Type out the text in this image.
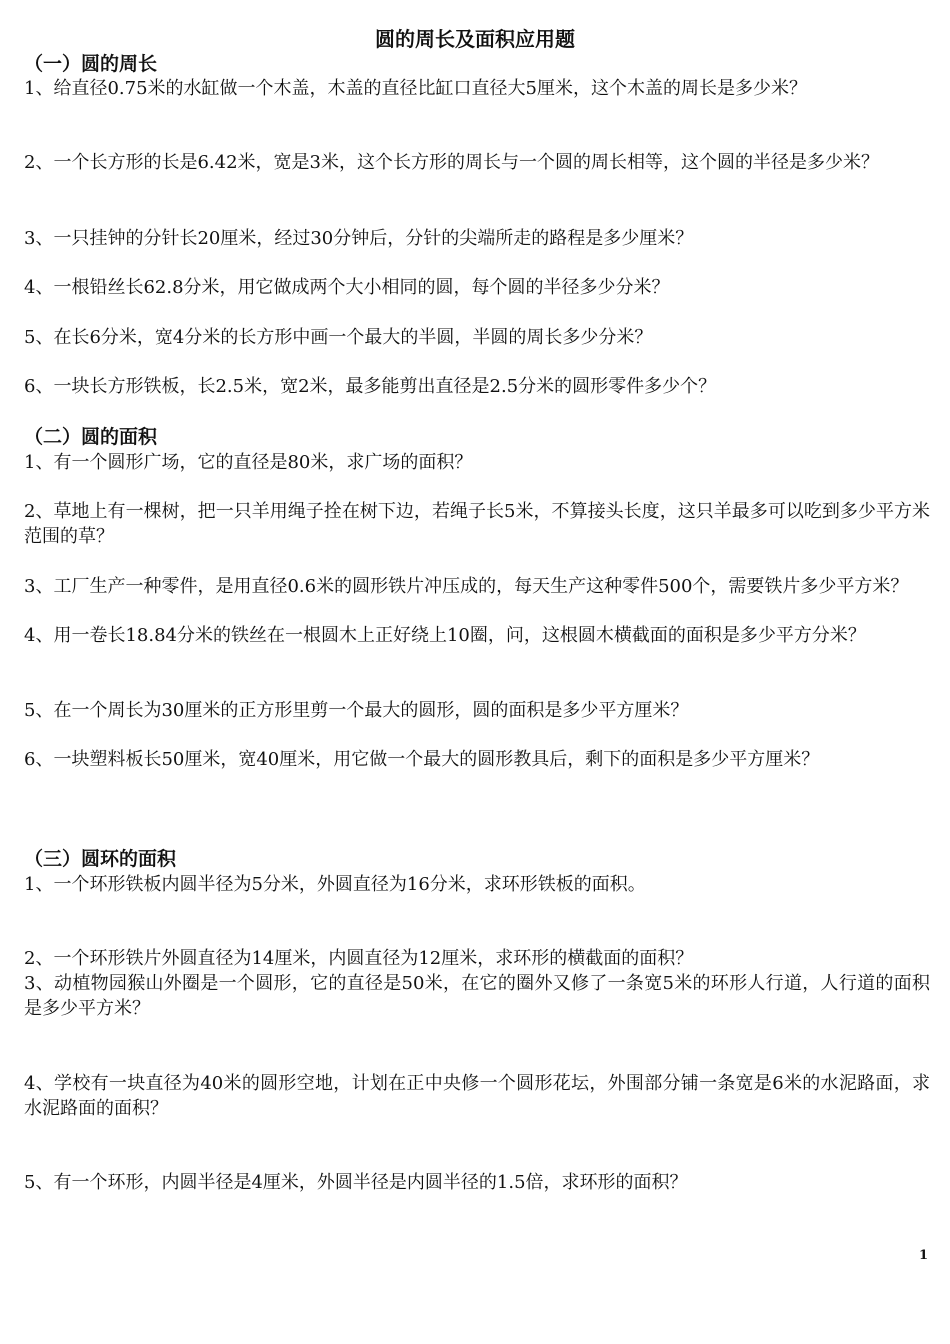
圆的周长及面积应用题
（一）圆的周长
1、给直径0.75米的水缸做一个木盖，木盖的直径比缸口直径大5厘米，这个木盖的周长是多少米？
2、一个长方形的长是6.42米，宽是3米，这个长方形的周长与一个圆的周长相等，这个圆的半径是多少米？
3、一只挂钟的分针长20厘米，经过30分钟后，分针的尖端所走的路程是多少厘米？
4、一根铅丝长62.8分米，用它做成两个大小相同的圆，每个圆的半径多少分米？
5、在长6分米，宽4分米的长方形中画一个最大的半圆，半圆的周长多少分米？
6、一块长方形铁板，长2.5米，宽2米，最多能剪出直径是2.5分米的圆形零件多少个？
（二）圆的面积
1、有一个圆形广场，它的直径是80米，求广场的面积？
2、草地上有一棵树，把一只羊用绳子拴在树下边，若绳子长5米，不算接头长度，这只羊最多可以吃到多少平方米范围的草？
3、工厂生产一种零件，是用直径0.6米的圆形铁片冲压成的，每天生产这种零件500个，需要铁片多少平方米？
4、用一卷长18.84分米的铁丝在一根圆木上正好绕上10圈，问，这根圆木横截面的面积是多少平方分米？
5、在一个周长为30厘米的正方形里剪一个最大的圆形，圆的面积是多少平方厘米？
6、一块塑料板长50厘米，宽40厘米，用它做一个最大的圆形教具后，剩下的面积是多少平方厘米？
（三）圆环的面积
1、一个环形铁板内圆半径为5分米，外圆直径为16分米，求环形铁板的面积。
2、一个环形铁片外圆直径为14厘米，内圆直径为12厘米，求环形的横截面的面积？
3、动植物园猴山外圈是一个圆形，它的直径是50米，在它的圈外又修了一条宽5米的环形人行道，人行道的面积是多少平方米？
4、学校有一块直径为40米的圆形空地，计划在正中央修一个圆形花坛，外围部分铺一条宽是6米的水泥路面，求水泥路面的面积？
5、有一个环形，内圆半径是4厘米，外圆半径是内圆半径的1.5倍，求环形的面积？
1
